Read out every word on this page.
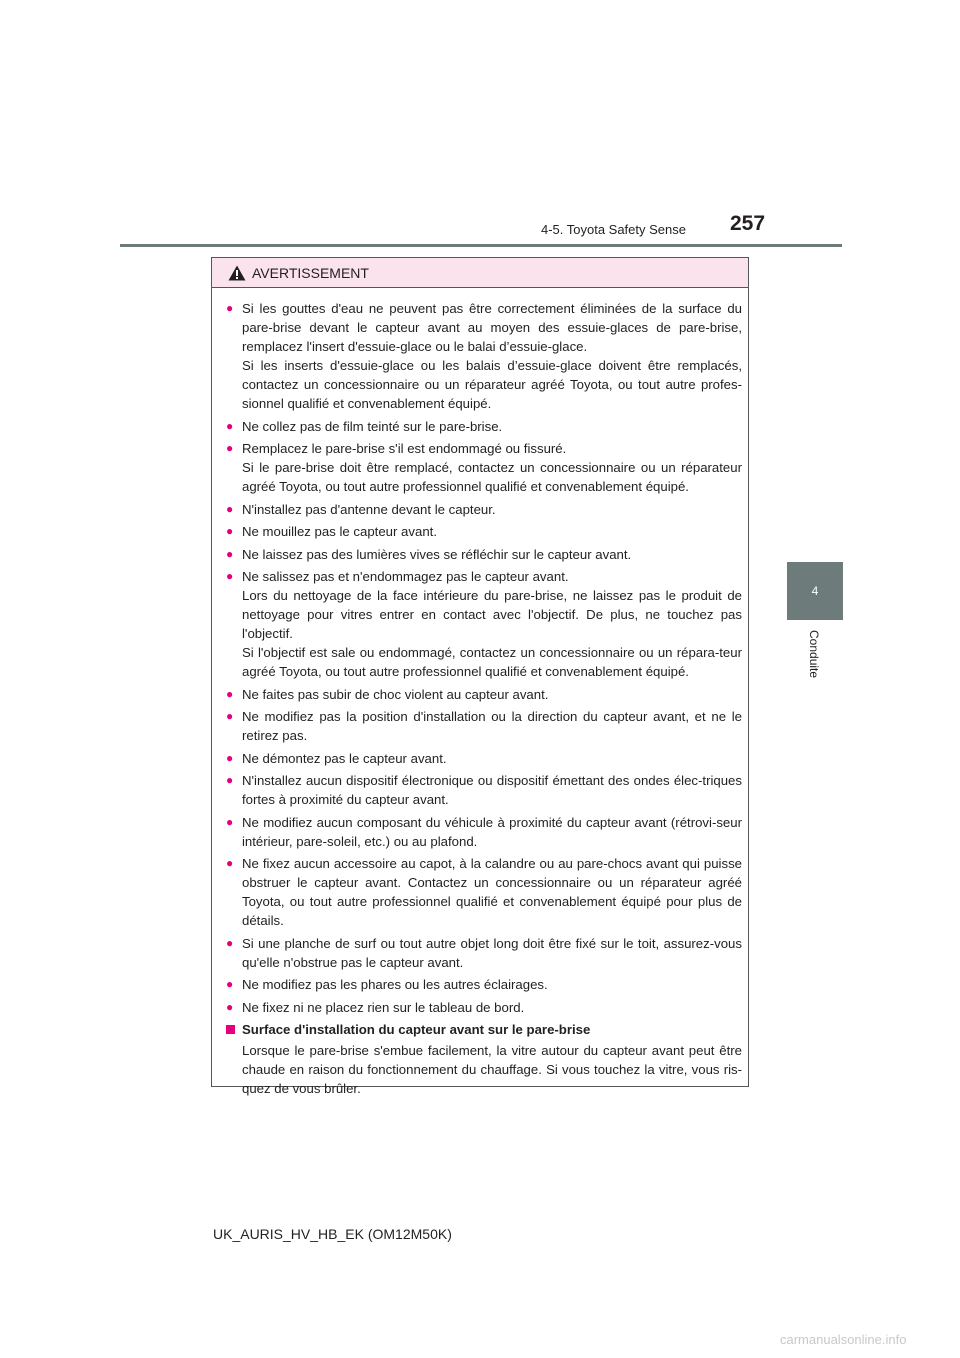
4-5. Toyota Safety Sense 257
4
Conduite
AVERTISSEMENT
● Si les gouttes d'eau ne peuvent pas être correctement éliminées de la surface du pare-brise devant le capteur avant au moyen des essuie-glaces de pare-brise, remplacez l'insert d'essuie-glace ou le balai d’essuie-glace.

Si les inserts d'essuie-glace ou les balais d’essuie-glace doivent être remplacés, contactez un concessionnaire ou un réparateur agréé Toyota, ou tout autre profes-sionnel qualifié et convenablement équipé.

● Ne collez pas de film teinté sur le pare-brise.

● Remplacez le pare-brise s'il est endommagé ou fissuré.

Si le pare-brise doit être remplacé, contactez un concessionnaire ou un réparateur agréé Toyota, ou tout autre professionnel qualifié et convenablement équipé.

● N'installez pas d'antenne devant le capteur.

● Ne mouillez pas le capteur avant.

● Ne laissez pas des lumières vives se réfléchir sur le capteur avant.

● Ne salissez pas et n'endommagez pas le capteur avant.

Lors du nettoyage de la face intérieure du pare-brise, ne laissez pas le produit de nettoyage pour vitres entrer en contact avec l'objectif. De plus, ne touchez pas l'objectif.

Si l'objectif est sale ou endommagé, contactez un concessionnaire ou un répara-teur agréé Toyota, ou tout autre professionnel qualifié et convenablement équipé.

● Ne faites pas subir de choc violent au capteur avant.

● Ne modifiez pas la position d'installation ou la direction du capteur avant, et ne le retirez pas.

● Ne démontez pas le capteur avant.

● N'installez aucun dispositif électronique ou dispositif émettant des ondes élec-triques fortes à proximité du capteur avant.

● Ne modifiez aucun composant du véhicule à proximité du capteur avant (rétrovi-seur intérieur, pare-soleil, etc.) ou au plafond.

● Ne fixez aucun accessoire au capot, à la calandre ou au pare-chocs avant qui puisse obstruer le capteur avant. Contactez un concessionnaire ou un réparateur agréé Toyota, ou tout autre professionnel qualifié et convenablement équipé pour plus de détails.

● Si une planche de surf ou tout autre objet long doit être fixé sur le toit, assurez-vous qu'elle n'obstrue pas le capteur avant.

● Ne modifiez pas les phares ou les autres éclairages.

● Ne fixez ni ne placez rien sur le tableau de bord.

Surface d'installation du capteur avant sur le pare-brise

Lorsque le pare-brise s'embue facilement, la vitre autour du capteur avant peut être chaude en raison du fonctionnement du chauffage. Si vous touchez la vitre, vous ris-quez de vous brûler.

UK_AURIS_HV_HB_EK (OM12M50K)
carmanualsonline.info
